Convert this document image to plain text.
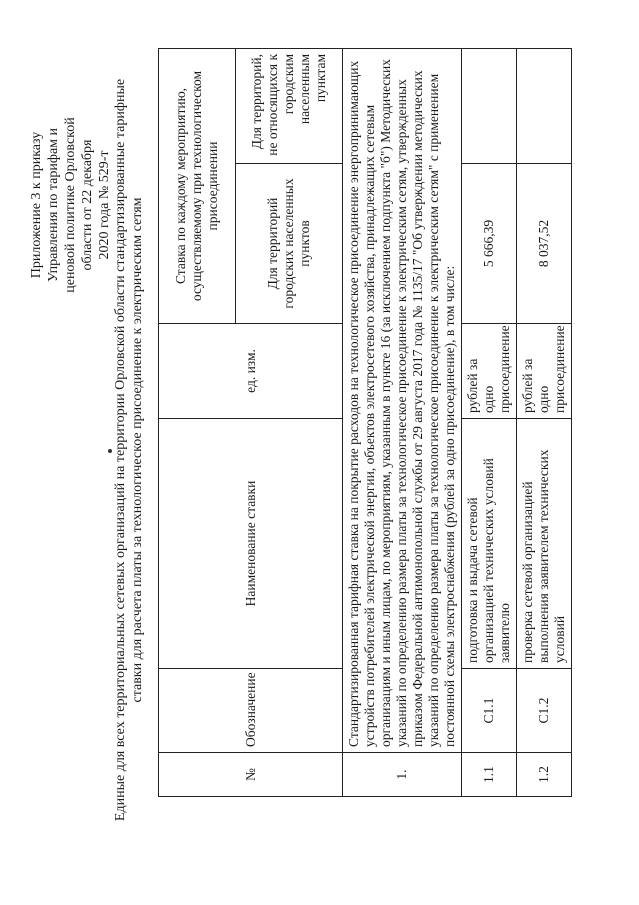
Приложение 3 к приказу Управления по тарифам и ценовой политике Орловской области от 22 декабря 2020 года № 529-т Единые для всех территориальных сетевых организаций на территории Орловской области стандартизированные тарифные ставки для расчета платы за технологическое присоединение к электрическим сетям
№	Обозначение	Наименование ставки	ед. изм.	Ставка по каждому мероприятию, осуществляемому при технологическом присоединении	
				Для территорий городских населенных пунктов	Для территорий, не относящихся к городским населенным пунктам
1.	Стандартизированная тарифная ставка на покрытие расходов на технологическое присоединение энергопринимающих устройств потребителей электрической энергии, объектов электросетевого хозяйства, принадлежащих сетевым организациям и иным лицам, по мероприятиям, указанным в пункте 16 (за исключением подпункта "б") Методических указаний по определению размера платы за технологическое присоединение к электрическим сетям, утвержденных приказом Федеральной антимонопольной службы от 29 августа 2017 года № 1135/17 "Об утверждении методических указаний по определению размера платы за технологическое присоединение к электрическим сетям" с применением постоянной схемы электроснабжения (рублей за одно присоединение), в том числе:				
1.1	C1.1	подготовка и выдача сетевой организацией технических условий заявителю	рублей за одно присоединение	5 666,39	
1.2	C1.2	проверка сетевой организацией выполнения заявителем технических условий	рублей за одно присоединение	8 037,52	
